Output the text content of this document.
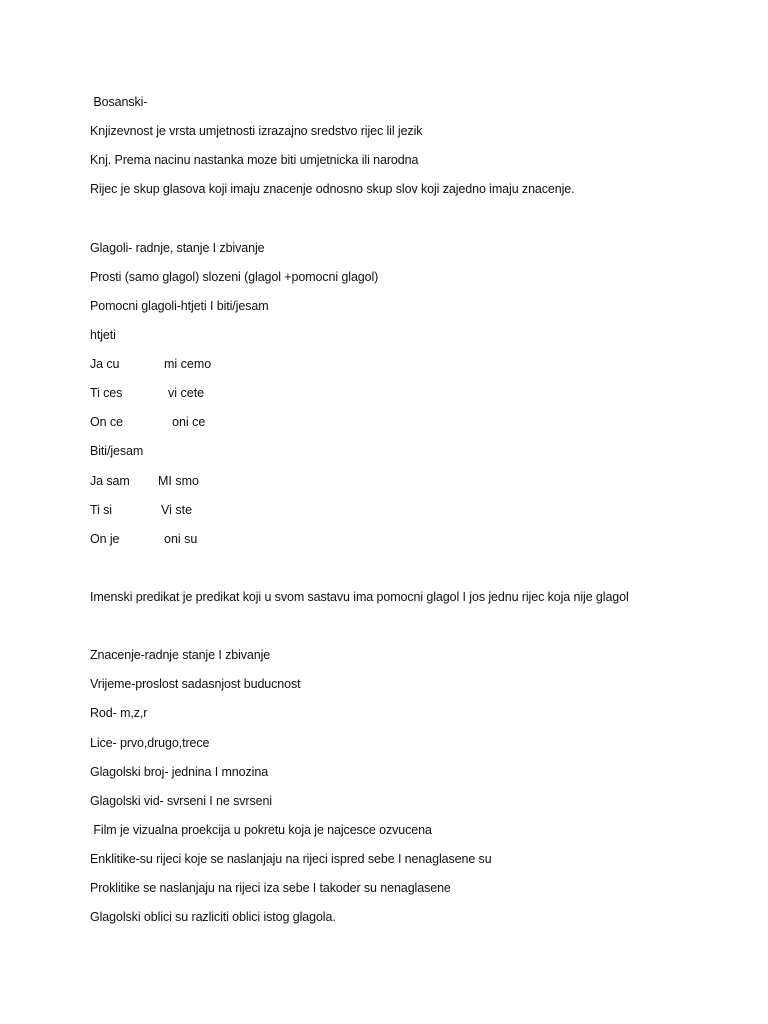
Bosanski-
Knjizevnost je vrsta umjetnosti izrazajno sredstvo rijec lil jezik
Knj. Prema nacinu nastanka moze biti umjetnicka ili narodna
Rijec je skup glasova koji imaju znacenje odnosno skup slov koji zajedno imaju znacenje.
Glagoli- radnje, stanje I zbivanje
Prosti (samo glagol) slozeni (glagol +pomocni glagol)
Pomocni glagoli-htjeti I biti/jesam
htjeti
Ja cu	mi cemo
Ti ces	vi cete
On ce	oni ce
Biti/jesam
Ja sam MI smo
Ti si	Vi ste
On je	oni su
Imenski predikat je predikat koji u svom sastavu ima pomocni glagol I jos jednu rijec koja nije glagol
Znacenje-radnje stanje I zbivanje
Vrijeme-proslost sadasnjost buducnost
Rod- m,z,r
Lice- prvo,drugo,trece
Glagolski broj- jednina I mnozina
Glagolski vid- svrseni I ne svrseni
Film je vizualna proekcija u pokretu koja je najcesce ozvucena
Enklitike-su rijeci koje se naslanjaju na rijeci ispred sebe I nenaglasene su
Proklitike se naslanjaju na rijeci iza sebe I takoder su nenaglasene
Glagolski oblici su razliciti oblici istog glagola.
